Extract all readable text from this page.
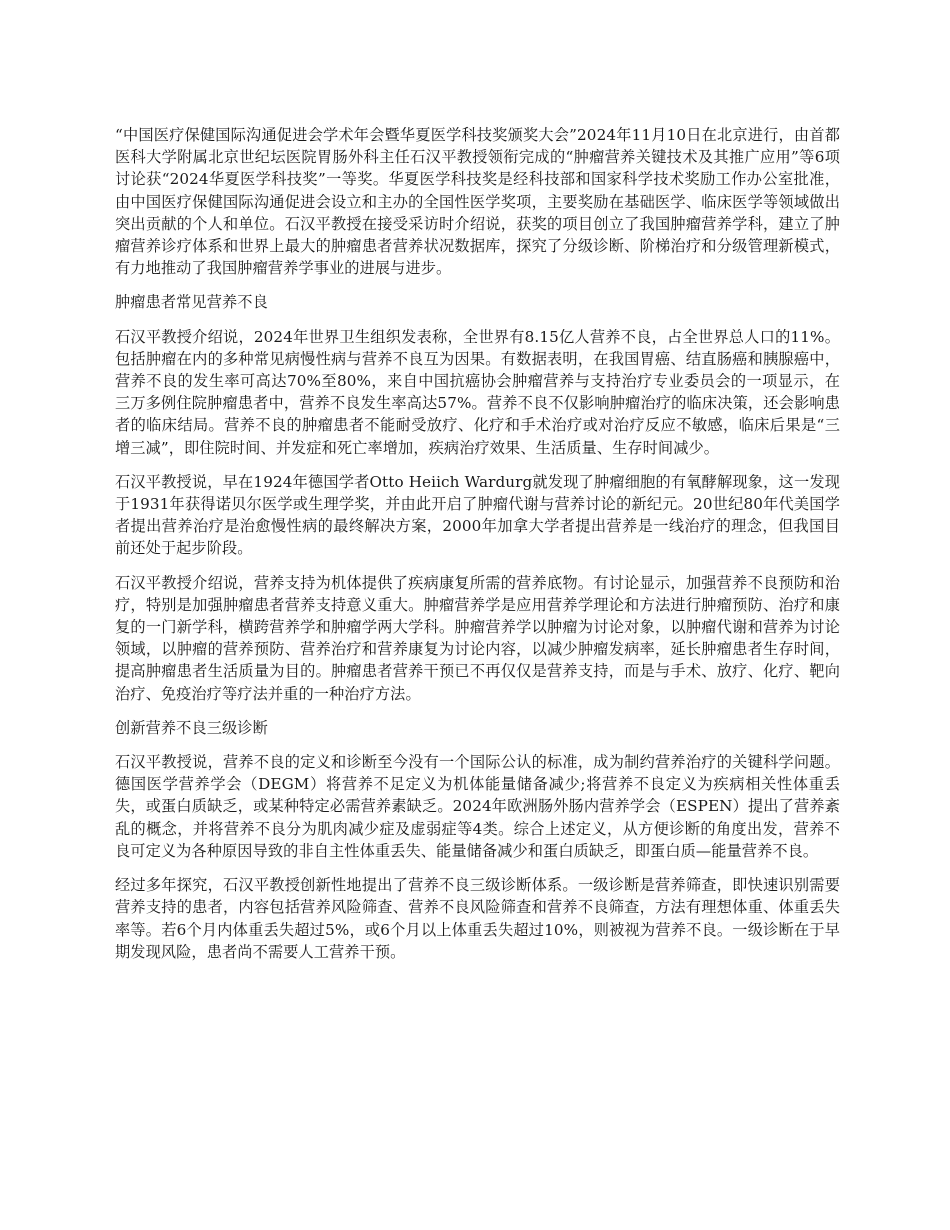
“中国医疗保健国际沟通促进会学术年会暨华夏医学科技奖颁奖大会”2024年11月10日在北京进行，由首都医科大学附属北京世纪坛医院胃肠外科主任石汉平教授领衔完成的“肿瘤营养关键技术及其推广应用”等6项讨论获“2024华夏医学科技奖”一等奖。华夏医学科技奖是经科技部和国家科学技术奖励工作办公室批准，由中国医疗保健国际沟通促进会设立和主办的全国性医学奖项，主要奖励在基础医学、临床医学等领域做出突出贡献的个人和单位。石汉平教授在接受采访时介绍说，获奖的项目创立了我国肿瘤营养学科，建立了肿瘤营养诊疗体系和世界上最大的肿瘤患者营养状况数据库，探究了分级诊断、阶梯治疗和分级管理新模式，有力地推动了我国肿瘤营养学事业的进展与进步。

肿瘤患者常见营养不良

石汉平教授介绍说，2024年世界卫生组织发表称，全世界有8.15亿人营养不良，占全世界总人口的11%。包括肿瘤在内的多种常见病慢性病与营养不良互为因果。有数据表明，在我国胃癌、结直肠癌和胰腺癌中，营养不良的发生率可高达70%至80%，来自中国抗癌协会肿瘤营养与支持治疗专业委员会的一项显示，在三万多例住院肿瘤患者中，营养不良发生率高达57%。营养不良不仅影响肿瘤治疗的临床决策，还会影响患者的临床结局。营养不良的肿瘤患者不能耐受放疗、化疗和手术治疗或对治疗反应不敏感，临床后果是“三增三减”，即住院时间、并发症和死亡率增加，疾病治疗效果、生活质量、生存时间减少。

石汉平教授说，早在1924年德国学者Otto Heiich Wardurg就发现了肿瘤细胞的有氧酵解现象，这一发现于1931年获得诺贝尔医学或生理学奖，并由此开启了肿瘤代谢与营养讨论的新纪元。20世纪80年代美国学者提出营养治疗是治愈慢性病的最终解决方案，2000年加拿大学者提出营养是一线治疗的理念，但我国目前还处于起步阶段。

石汉平教授介绍说，营养支持为机体提供了疾病康复所需的营养底物。有讨论显示，加强营养不良预防和治疗，特别是加强肿瘤患者营养支持意义重大。肿瘤营养学是应用营养学理论和方法进行肿瘤预防、治疗和康复的一门新学科，横跨营养学和肿瘤学两大学科。肿瘤营养学以肿瘤为讨论对象，以肿瘤代谢和营养为讨论领域，以肿瘤的营养预防、营养治疗和营养康复为讨论内容，以减少肿瘤发病率，延长肿瘤患者生存时间，提高肿瘤患者生活质量为目的。肿瘤患者营养干预已不再仅仅是营养支持，而是与手术、放疗、化疗、靶向治疗、免疫治疗等疗法并重的一种治疗方法。

创新营养不良三级诊断

石汉平教授说，营养不良的定义和诊断至今没有一个国际公认的标准，成为制约营养治疗的关键科学问题。德国医学营养学会（DEGM）将营养不足定义为机体能量储备减少;将营养不良定义为疾病相关性体重丢失，或蛋白质缺乏，或某种特定必需营养素缺乏。2024年欧洲肠外肠内营养学会（ESPEN）提出了营养紊乱的概念，并将营养不良分为肌肉减少症及虚弱症等4类。综合上述定义，从方便诊断的角度出发，营养不良可定义为各种原因导致的非自主性体重丢失、能量储备减少和蛋白质缺乏，即蛋白质—能量营养不良。

经过多年探究，石汉平教授创新性地提出了营养不良三级诊断体系。一级诊断是营养筛查，即快速识别需要营养支持的患者，内容包括营养风险筛查、营养不良风险筛查和营养不良筛查，方法有理想体重、体重丢失率等。若6个月内体重丢失超过5%，或6个月以上体重丢失超过10%，则被视为营养不良。一级诊断在于早期发现风险，患者尚不需要人工营养干预。
